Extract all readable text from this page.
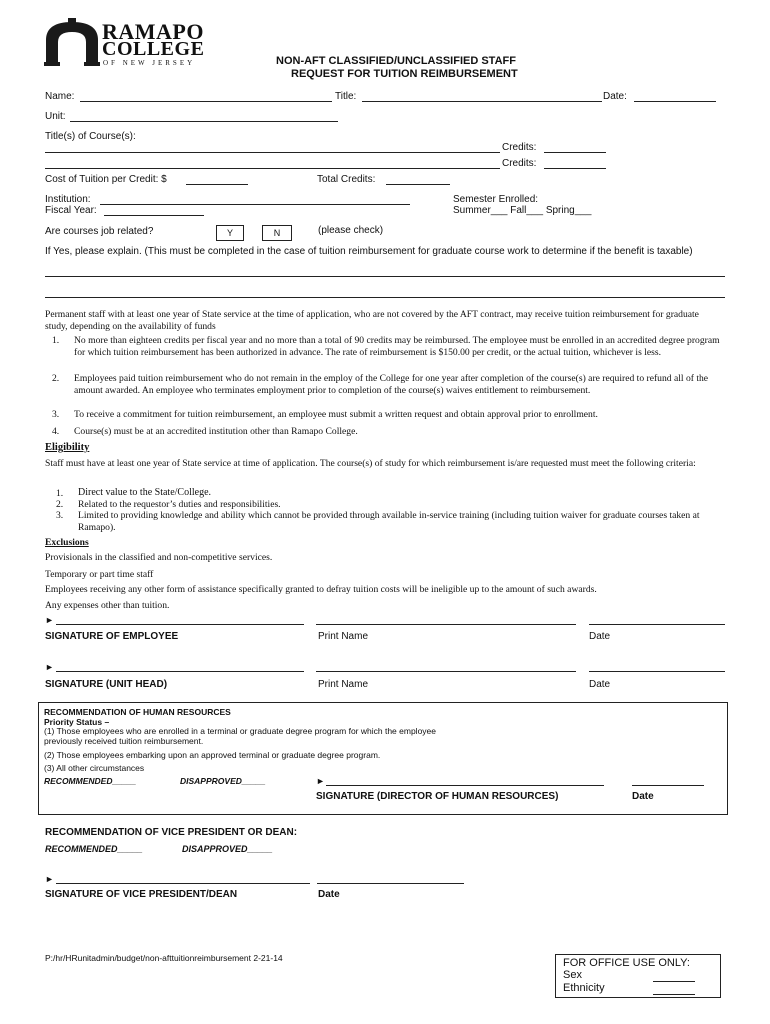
RAMAPO
COLLEGE
OF NEW JERSEY	NON-AFT CLASSIFIED/UNCLASSIFIED STAFF
REQUEST FOR TUITION REIMBURSEMENT
Name:	Title:	Date:
Unit:
Title(s) of Course(s):
Credits:
Credits:
Cost of Tuition per Credit: $	Total Credits:
Institution:
Fiscal Year:
Semester Enrolled:
Summer___ Fall___ Spring___
Are courses job related?	Y	N	(please check)
If Yes, please explain. (This must be completed in the case of tuition reimbursement for graduate course work to determine if the benefit is taxable)
Permanent staff with at least one year of State service at the time of application, who are not covered by the AFT contract, may receive tuition reimbursement for graduate study, depending on the availability of funds
1. No more than eighteen credits per fiscal year and no more than a total of 90 credits may be reimbursed. The employee must be enrolled in an accredited degree program for which tuition reimbursement has been authorized in advance. The rate of reimbursement is $150.00 per credit, or the actual tuition, whichever is less.
2. Employees paid tuition reimbursement who do not remain in the employ of the College for one year after completion of the course(s) are required to refund all of the amount awarded. An employee who terminates employment prior to completion of the course(s) waives entitlement to reimbursement.
3. To receive a commitment for tuition reimbursement, an employee must submit a written request and obtain approval prior to enrollment.
4. Course(s) must be at an accredited institution other than Ramapo College.
Eligibility
Staff must have at least one year of State service at time of application. The course(s) of study for which reimbursement is/are requested must meet the following criteria:
1. Direct value to the State/College.
2. Related to the requestor’s duties and responsibilities.
3. Limited to providing knowledge and ability which cannot be provided through available in-service training (including tuition waiver for graduate courses taken at Ramapo).
Exclusions
Provisionals in the classified and non-competitive services.
Temporary or part time staff
Employees receiving any other form of assistance specifically granted to defray tuition costs will be ineligible up to the amount of such awards.
Any expenses other than tuition.
►
SIGNATURE OF EMPLOYEE	Print Name	Date
►
SIGNATURE (UNIT HEAD)	Print Name	Date
RECOMMENDATION OF HUMAN RESOURCES
Priority Status –
(1) Those employees who are enrolled in a terminal or graduate degree program for which the employee previously received tuition reimbursement.
(2) Those employees embarking upon an approved terminal or graduate degree program.
(3) All other circumstances
RECOMMENDED_____	DISAPPROVED_____	►
SIGNATURE (DIRECTOR OF HUMAN RESOURCES)	Date
RECOMMENDATION OF VICE PRESIDENT OR DEAN:
RECOMMENDED_____	DISAPPROVED_____
►
SIGNATURE OF VICE PRESIDENT/DEAN	Date
P:/hr/HRunitadmin/budget/non-afttuitionreimbursement 2-21-14	FOR OFFICE USE ONLY:
Sex
Ethnicity
